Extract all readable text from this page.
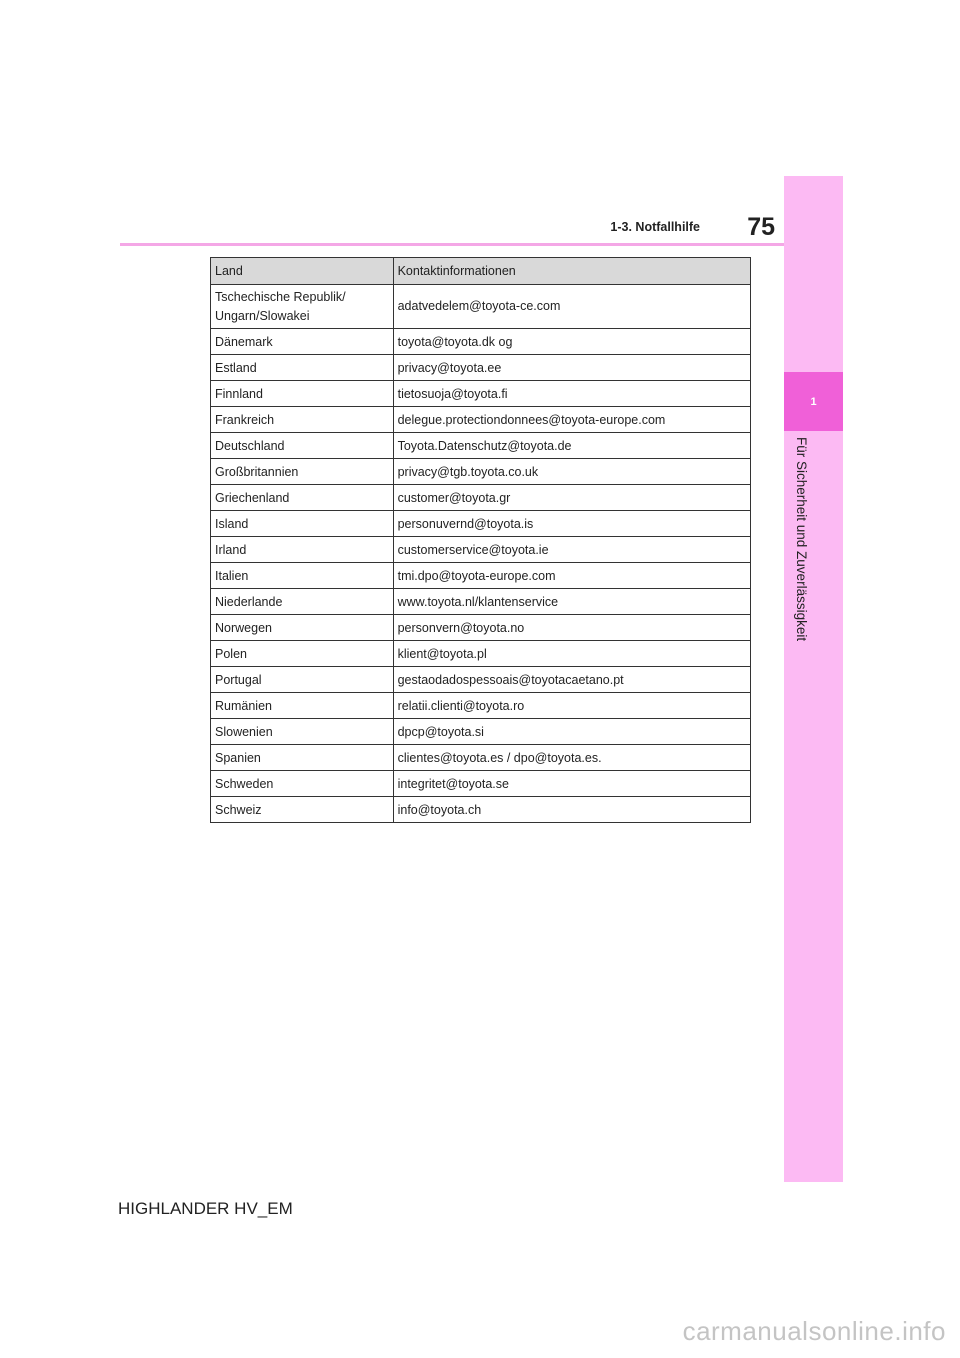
75
1-3. Notfallhilfe
1
Für Sicherheit und Zuverlässigkeit
Land	Kontaktinformationen
Tschechische Republik/
Ungarn/Slowakei	adatvedelem@toyota-ce.com
Dänemark	toyota@toyota.dk og
Estland	privacy@toyota.ee
Finnland	tietosuoja@toyota.fi
Frankreich	delegue.protectiondonnees@toyota-europe.com
Deutschland	Toyota.Datenschutz@toyota.de
Großbritannien	privacy@tgb.toyota.co.uk
Griechenland	customer@toyota.gr
Island	personuvernd@toyota.is
Irland	customerservice@toyota.ie
Italien	tmi.dpo@toyota-europe.com
Niederlande	www.toyota.nl/klantenservice
Norwegen	personvern@toyota.no
Polen	klient@toyota.pl
Portugal	gestaodadospessoais@toyotacaetano.pt
Rumänien	relatii.clienti@toyota.ro
Slowenien	dpcp@toyota.si
Spanien	clientes@toyota.es / dpo@toyota.es.
Schweden	integritet@toyota.se
Schweiz	info@toyota.ch
HIGHLANDER HV_EM
carmanualsonline.info
